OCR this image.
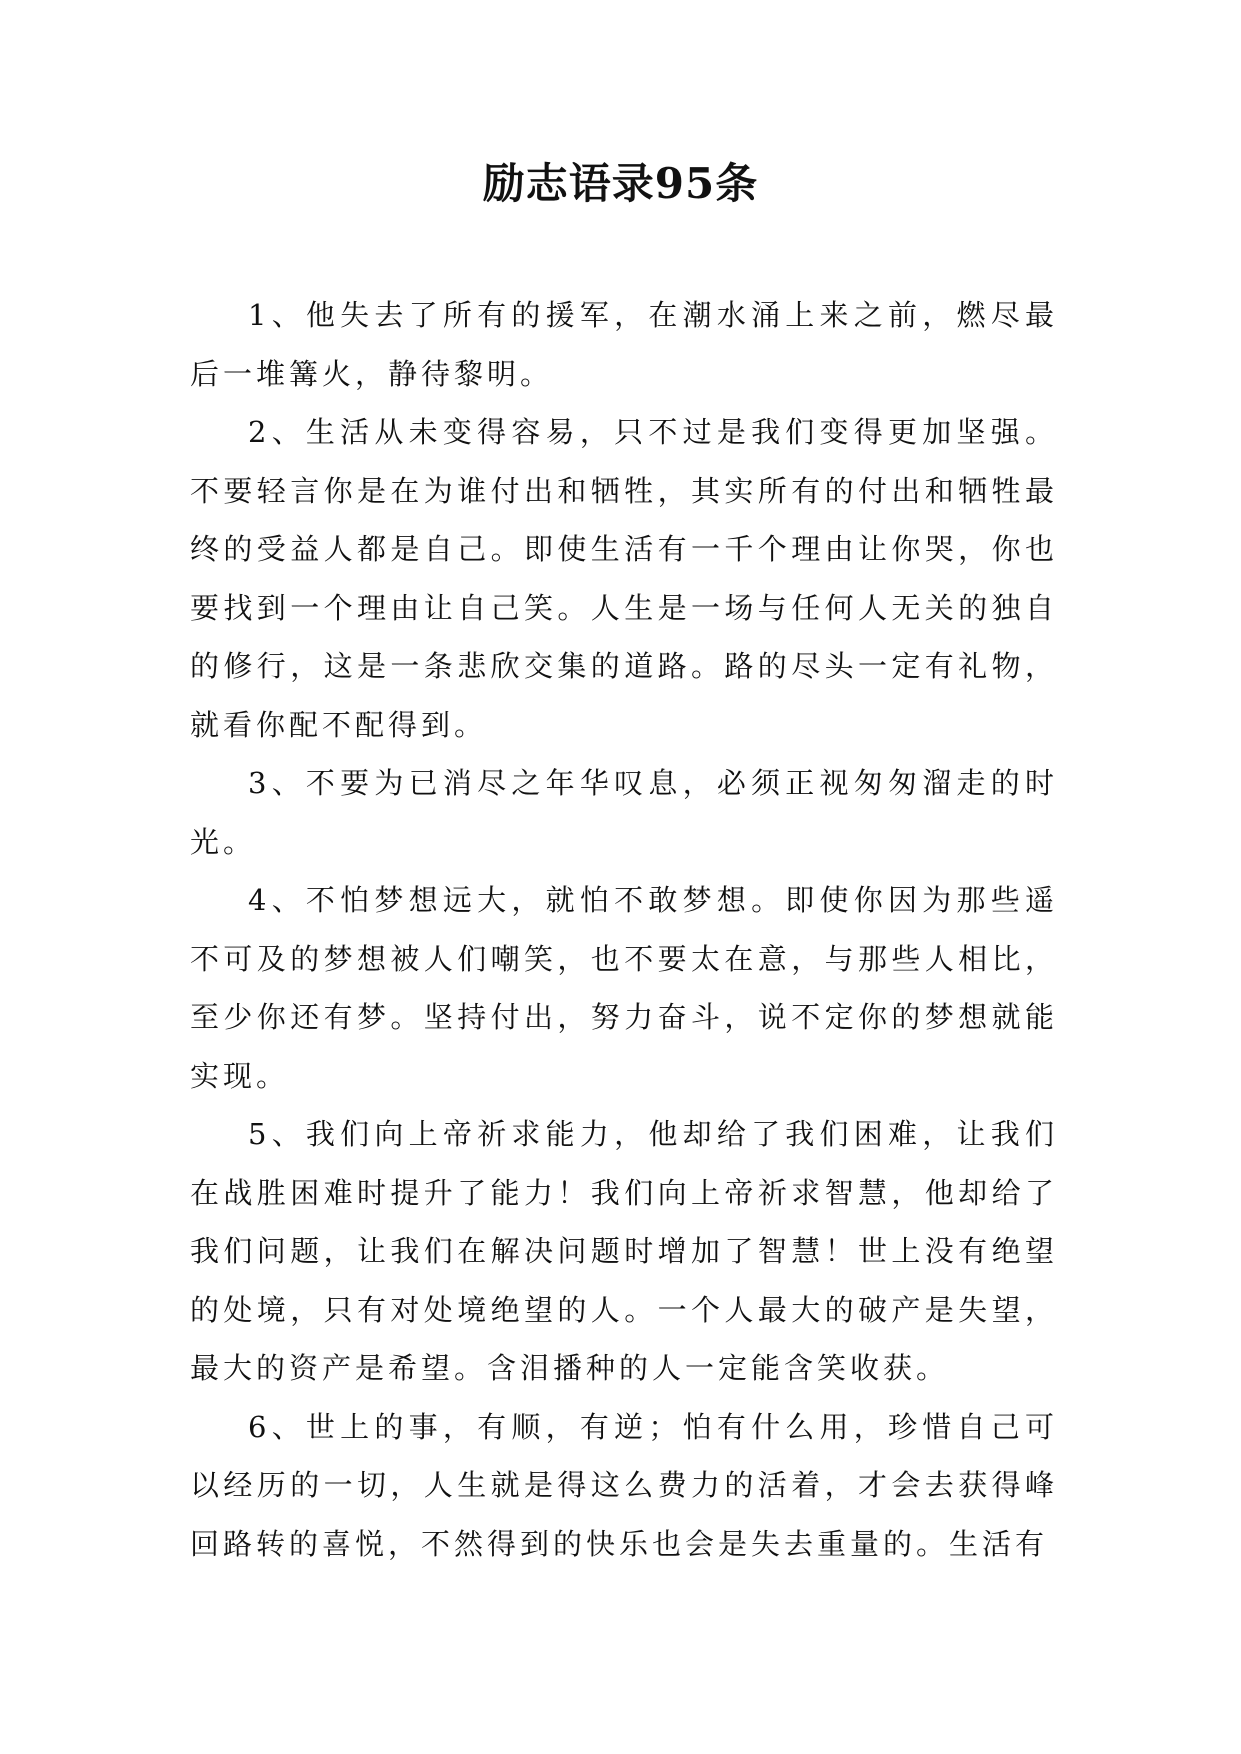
励志语录95条

1、他失去了所有的援军，在潮水涌上来之前，燃尽最后一堆篝火，静待黎明。

2、生活从未变得容易，只不过是我们变得更加坚强。不要轻言你是在为谁付出和牺牲，其实所有的付出和牺牲最终的受益人都是自己。即使生活有一千个理由让你哭，你也要找到一个理由让自己笑。人生是一场与任何人无关的独自的修行，这是一条悲欣交集的道路。路的尽头一定有礼物，就看你配不配得到。

3、不要为已消尽之年华叹息，必须正视匆匆溜走的时光。

4、不怕梦想远大，就怕不敢梦想。即使你因为那些遥不可及的梦想被人们嘲笑，也不要太在意，与那些人相比，至少你还有梦。坚持付出，努力奋斗，说不定你的梦想就能实现。

5、我们向上帝祈求能力，他却给了我们困难，让我们在战胜困难时提升了能力！我们向上帝祈求智慧，他却给了我们问题，让我们在解决问题时增加了智慧！世上没有绝望的处境，只有对处境绝望的人。一个人最大的破产是失望，最大的资产是希望。含泪播种的人一定能含笑收获。

6、世上的事，有顺，有逆；怕有什么用，珍惜自己可以经历的一切，人生就是得这么费力的活着，才会去获得峰回路转的喜悦，不然得到的快乐也会是失去重量的。生活有
